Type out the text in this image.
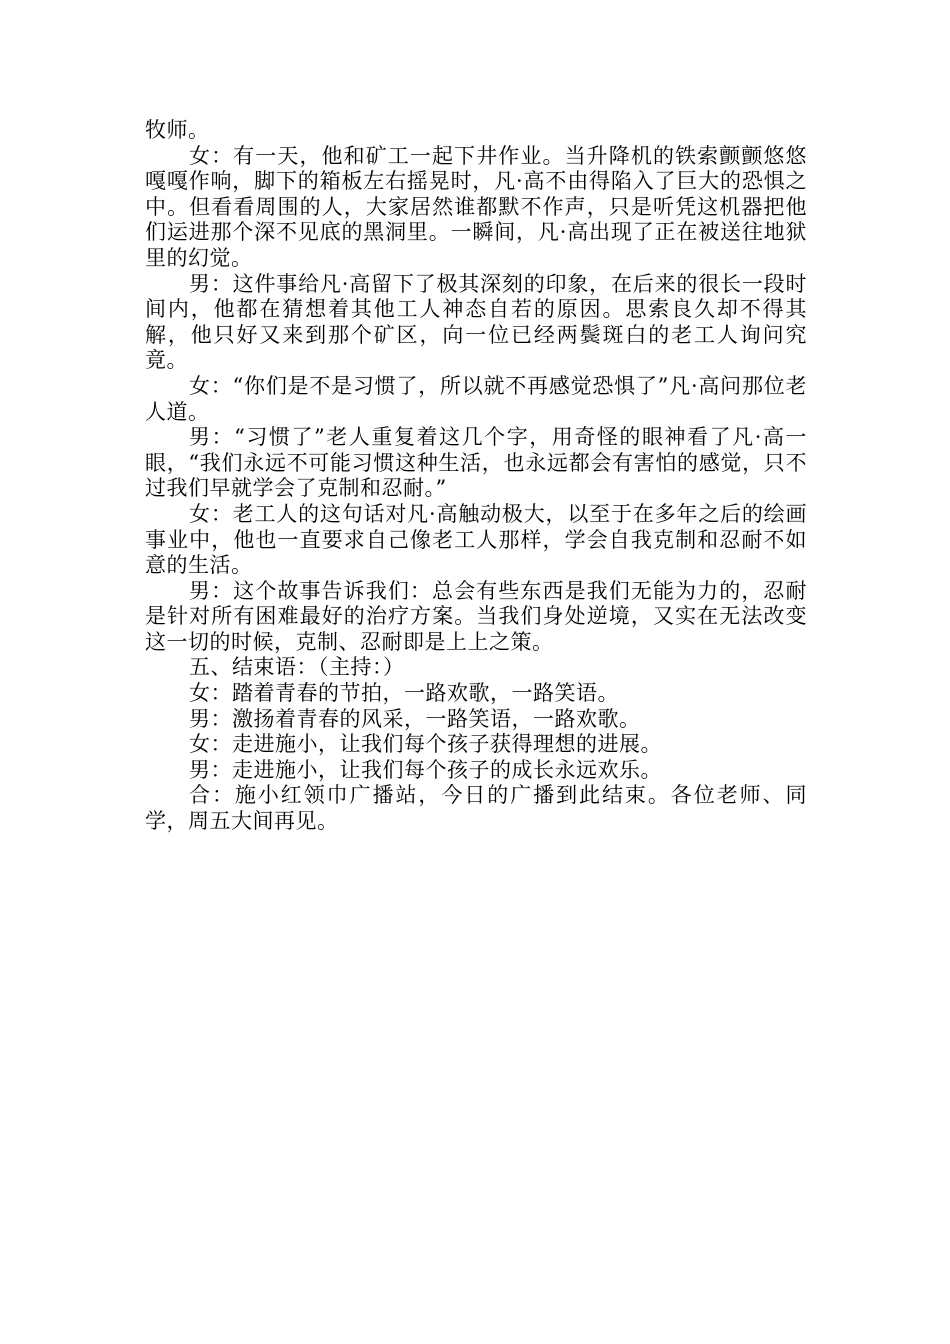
牧师。

女：有一天，他和矿工一起下井作业。当升降机的铁索颤颤悠悠嘎嘎作响，脚下的箱板左右摇晃时，凡·高不由得陷入了巨大的恐惧之中。但看看周围的人，大家居然谁都默不作声，只是听凭这机器把他们运进那个深不见底的黑洞里。一瞬间，凡·高出现了正在被送往地狱里的幻觉。

男：这件事给凡·高留下了极其深刻的印象，在后来的很长一段时间内，他都在猜想着其他工人神态自若的原因。思索良久却不得其解，他只好又来到那个矿区，向一位已经两鬓斑白的老工人询问究竟。

女：“你们是不是习惯了，所以就不再感觉恐惧了”凡·高问那位老人道。

男：“习惯了”老人重复着这几个字，用奇怪的眼神看了凡·高一眼，“我们永远不可能习惯这种生活，也永远都会有害怕的感觉，只不过我们早就学会了克制和忍耐。”

女：老工人的这句话对凡·高触动极大，以至于在多年之后的绘画事业中，他也一直要求自己像老工人那样，学会自我克制和忍耐不如意的生活。

男：这个故事告诉我们：总会有些东西是我们无能为力的，忍耐是针对所有困难最好的治疗方案。当我们身处逆境，又实在无法改变这一切的时候，克制、忍耐即是上上之策。

五、结束语：（主持：）

女：踏着青春的节拍，一路欢歌，一路笑语。

男：激扬着青春的风采，一路笑语，一路欢歌。

女：走进施小，让我们每个孩子获得理想的进展。

男：走进施小，让我们每个孩子的成长永远欢乐。

合：施小红领巾广播站，今日的广播到此结束。各位老师、同学，周五大间再见。
